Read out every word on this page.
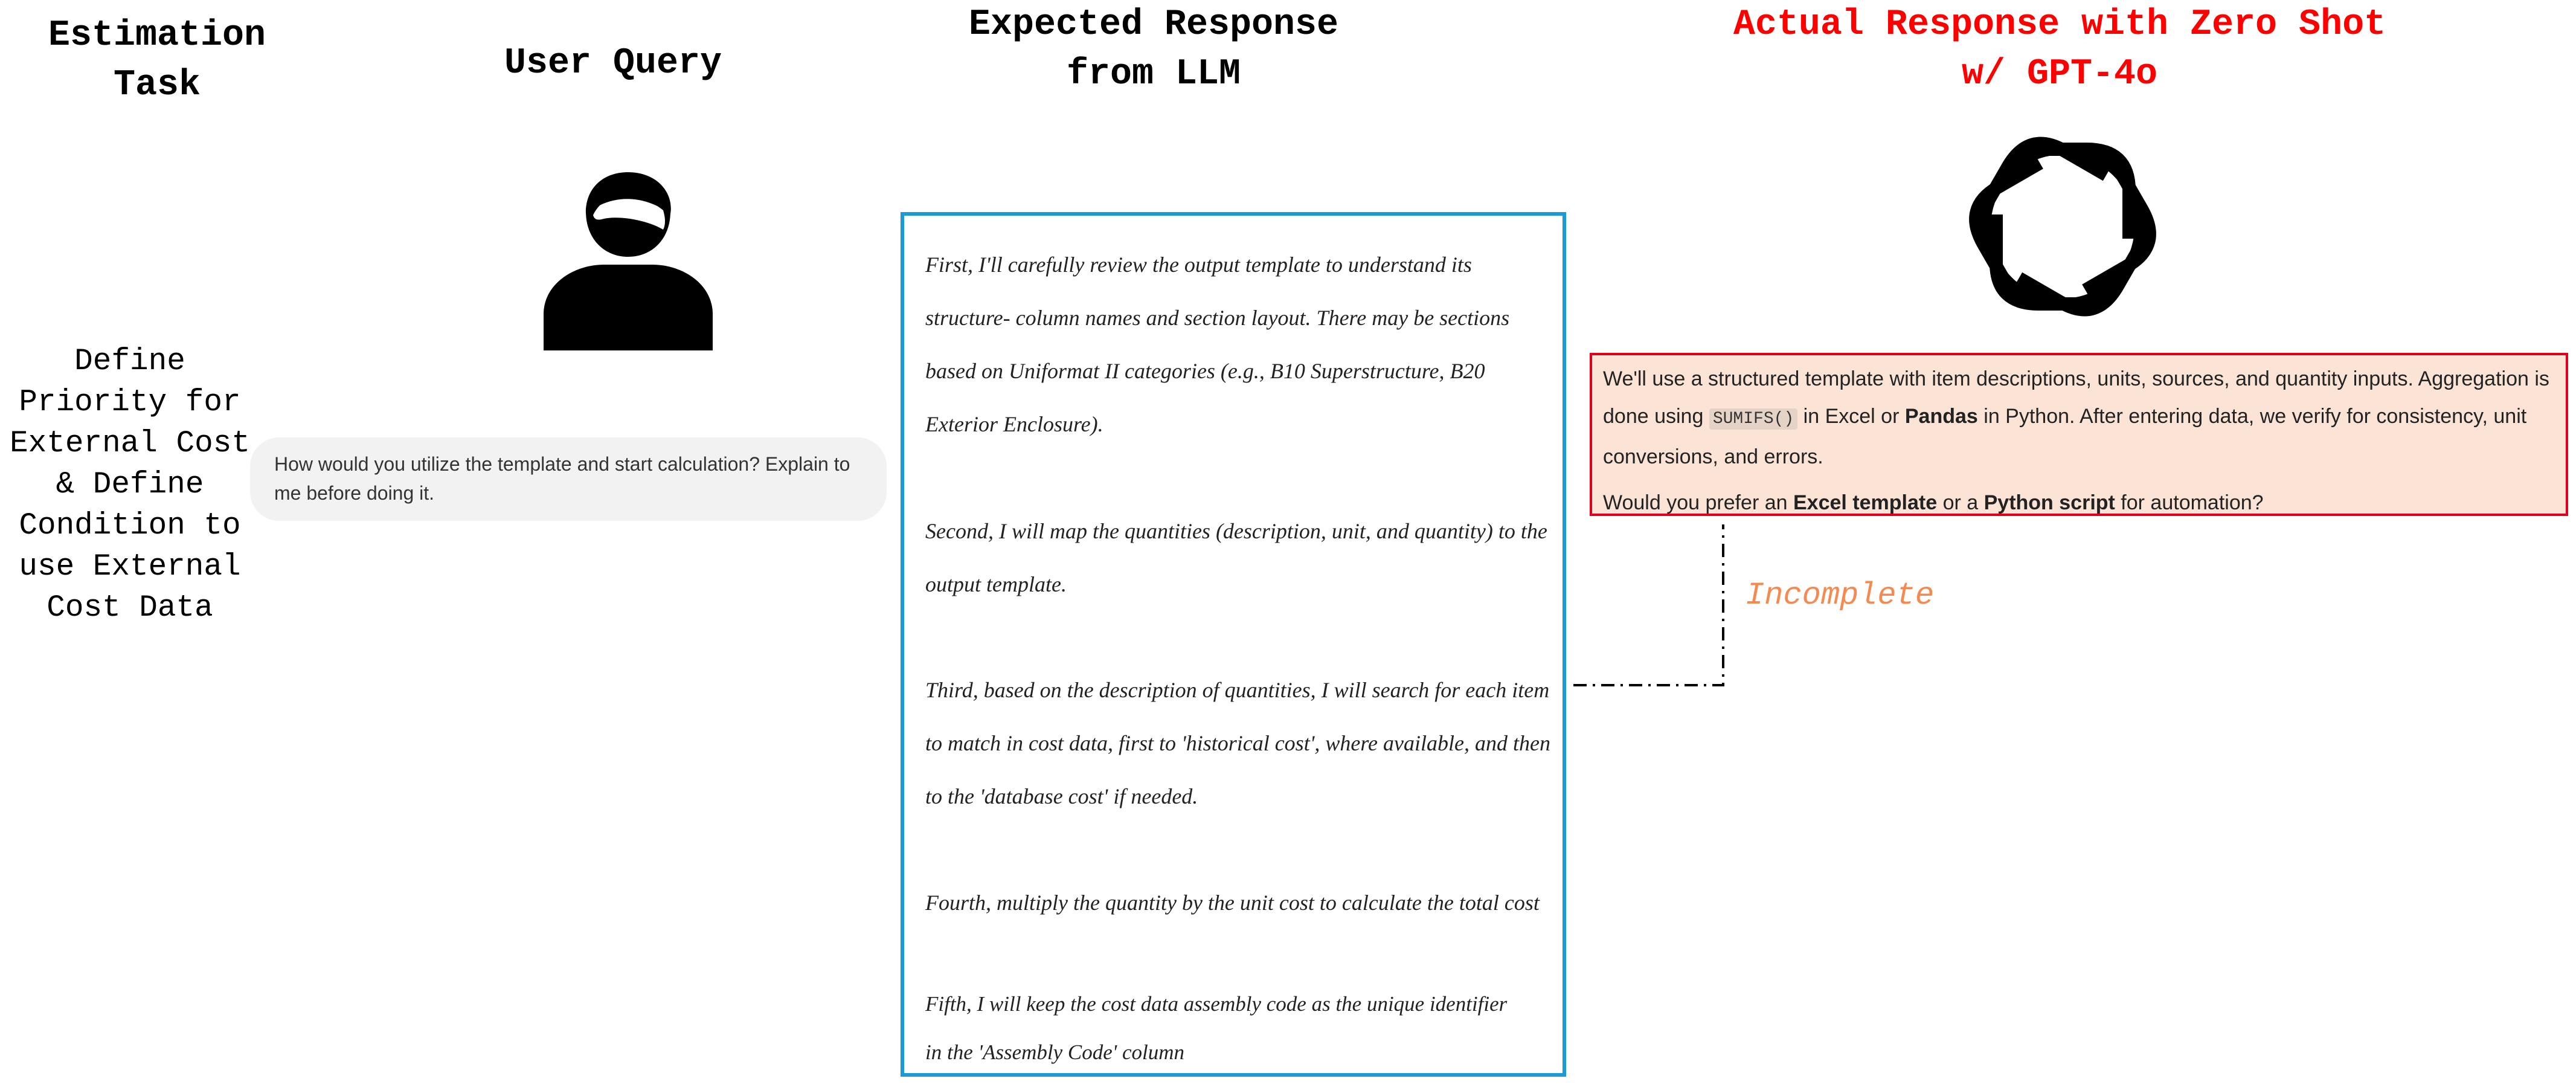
Estimation Task
User Query
Expected Response from LLM
Actual Response with Zero Shot w/ GPT-4o
Define Priority for External Cost & Define Condition to use External Cost Data
How would you utilize the template and start calculation? Explain to me before doing it.

First, I'll carefully review the output template to understand its structure- column names and section layout. There may be sections based on Uniformat II categories (e.g., B10 Superstructure, B20 Exterior Enclosure).

Second, I will map the quantities (description, unit, and quantity) to the output template.

Third, based on the description of quantities, I will search for each item to match in cost data, first to 'historical cost', where available, and then to the 'database cost' if needed.

Fourth, multiply the quantity by the unit cost to calculate the total cost

Fifth, I will keep the cost data assembly code as the unique identifier in the 'Assembly Code' column

We'll use a structured template with item descriptions, units, sources, and quantity inputs. Aggregation is done using SUMIFS() in Excel or Pandas in Python. After entering data, we verify for consistency, unit conversions, and errors.

Would you prefer an Excel template or a Python script for automation?

Incomplete
